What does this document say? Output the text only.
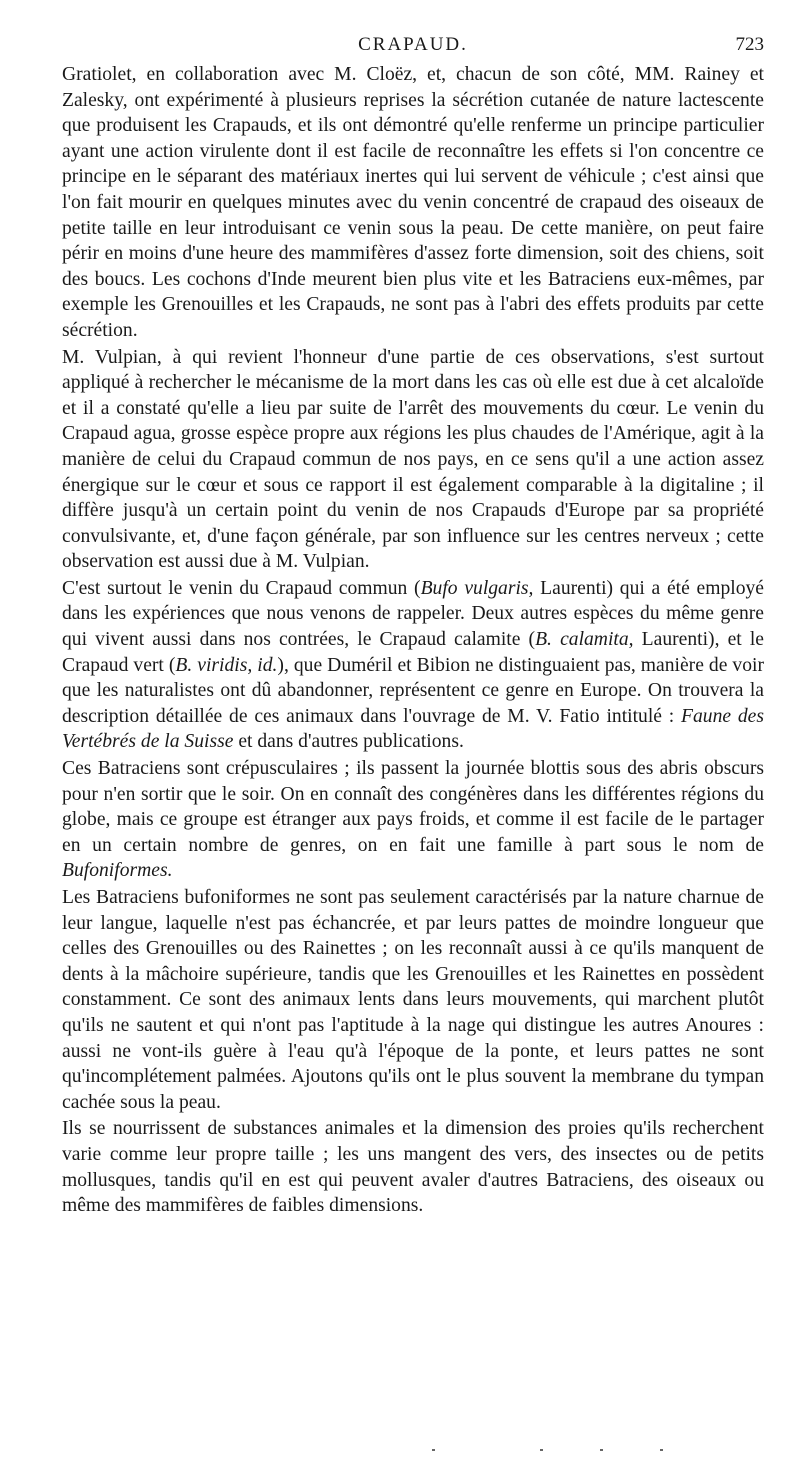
CRAPAUD.	723

Gratiolet, en collaboration avec M. Cloëz, et, chacun de son côté, MM. Rainey et Zalesky, ont expérimenté à plusieurs reprises la sécrétion cutanée de nature lactescente que produisent les Crapauds, et ils ont démontré qu'elle renferme un principe particulier ayant une action virulente dont il est facile de reconnaître les effets si l'on concentre ce principe en le séparant des matériaux inertes qui lui servent de véhicule ; c'est ainsi que l'on fait mourir en quelques minutes avec du venin concentré de crapaud des oiseaux de petite taille en leur introduisant ce venin sous la peau. De cette manière, on peut faire périr en moins d'une heure des mammifères d'assez forte dimension, soit des chiens, soit des boucs. Les cochons d'Inde meurent bien plus vite et les Batraciens eux-mêmes, par exemple les Grenouilles et les Crapauds, ne sont pas à l'abri des effets produits par cette sécrétion.

M. Vulpian, à qui revient l'honneur d'une partie de ces observations, s'est surtout appliqué à rechercher le mécanisme de la mort dans les cas où elle est due à cet alcaloïde et il a constaté qu'elle a lieu par suite de l'arrêt des mouvements du cœur. Le venin du Crapaud agua, grosse espèce propre aux régions les plus chaudes de l'Amérique, agit à la manière de celui du Crapaud commun de nos pays, en ce sens qu'il a une action assez énergique sur le cœur et sous ce rapport il est également comparable à la digitaline ; il diffère jusqu'à un certain point du venin de nos Crapauds d'Europe par sa propriété convulsivante, et, d'une façon générale, par son influence sur les centres nerveux ; cette observation est aussi due à M. Vulpian.

C'est surtout le venin du Crapaud commun (Bufo vulgaris, Laurenti) qui a été employé dans les expériences que nous venons de rappeler. Deux autres espèces du même genre qui vivent aussi dans nos contrées, le Crapaud calamite (B. calamita, Laurenti), et le Crapaud vert (B. viridis, id.), que Duméril et Bibion ne distinguaient pas, manière de voir que les naturalistes ont dû abandonner, représentent ce genre en Europe. On trouvera la description détaillée de ces animaux dans l'ouvrage de M. V. Fatio intitulé : Faune des Vertébrés de la Suisse et dans d'autres publications.

Ces Batraciens sont crépusculaires ; ils passent la journée blottis sous des abris obscurs pour n'en sortir que le soir. On en connaît des congénères dans les différentes régions du globe, mais ce groupe est étranger aux pays froids, et comme il est facile de le partager en un certain nombre de genres, on en fait une famille à part sous le nom de Bufoniformes.

Les Batraciens bufoniformes ne sont pas seulement caractérisés par la nature charnue de leur langue, laquelle n'est pas échancrée, et par leurs pattes de moindre longueur que celles des Grenouilles ou des Rainettes ; on les reconnaît aussi à ce qu'ils manquent de dents à la mâchoire supérieure, tandis que les Grenouilles et les Rainettes en possèdent constamment. Ce sont des animaux lents dans leurs mouvements, qui marchent plutôt qu'ils ne sautent et qui n'ont pas l'aptitude à la nage qui distingue les autres Anoures : aussi ne vont-ils guère à l'eau qu'à l'époque de la ponte, et leurs pattes ne sont qu'incomplétement palmées. Ajoutons qu'ils ont le plus souvent la membrane du tympan cachée sous la peau.

Ils se nourrissent de substances animales et la dimension des proies qu'ils recherchent varie comme leur propre taille ; les uns mangent des vers, des insectes ou de petits mollusques, tandis qu'il en est qui peuvent avaler d'autres Batraciens, des oiseaux ou même des mammifères de faibles dimensions.
